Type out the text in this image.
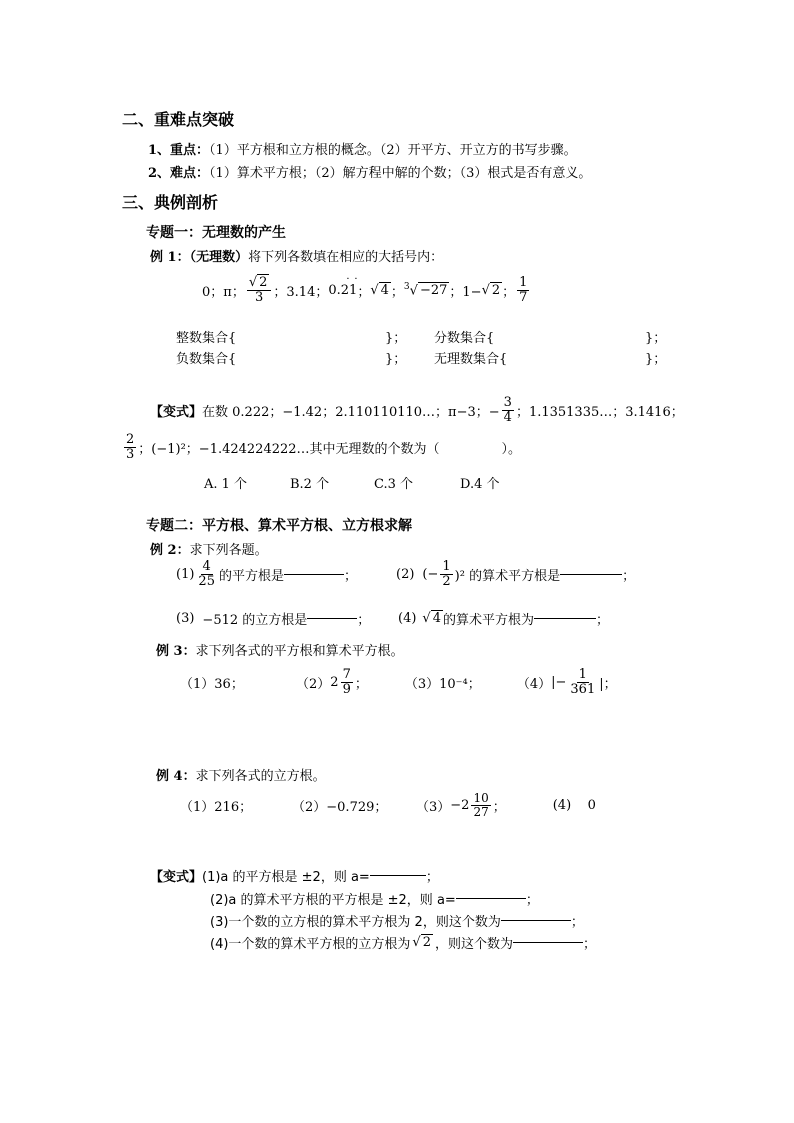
二、重难点突破
1、重点：（1）平方根和立方根的概念。（2）开平方、开立方的书写步骤。
2、难点：（1）算术平方根；（2）解方程中解的个数；（3）根式是否有意义。
三、典例剖析
专题一：无理数的产生
例 1：（无理数）将下列各数填在相应的大括号内：
0；π； $\frac{√ 2}{3}$ ；3.14； 0.21
· ·
； √ 4 ； $^3$√ −27 ；1− √ 2 ； $\frac{1}{7}$
整数集合{	}； 分数集合{	}；
负数集合{	}； 无理数集合{	}；
【变式】 在数 0.222；−1.42；2.110110110…； π−3；− $\frac{3}{4}$ ；1.1351335…；3.1416；
$\frac{2}{3}$ ；(−1)²；−1.424224222…其中无理数的个数为（	）。
A. 1 个	B.2 个	C.3 个	D.4 个
专题二：平方根、算术平方根、立方根求解
例 2：求下列各题。
$(1) \frac{4}{25}$ 的平方根是	；	(2) (− $\frac{1}{2} )^2$ 的算术平方根是	；
(3) −512 的立方根是	； (4) √ 4 的算术平方根为	；
例 3：求下列各式的平方根和算术平方根。
（1）36；	（2） $2 \frac{7}{9}$ ；	（3）10⁻⁴；	（4） |− $\frac{1}{361}$ |；
例 4：求下列各式的立方根。
（1）216；	（2）−0.729；	$(3) -2 \frac{10}{27}$ ；	(4)    0
【变式】 (1)a 的平方根是 ±2，则 a=	；
(2)a 的算术平方根的平方根是 ±2，则 a=	；
(3)一个数的立方根的算术平方根为 2，则这个数为	；
(4)一个数的算术平方根的立方根为 √ 2 ，则这个数为	；
